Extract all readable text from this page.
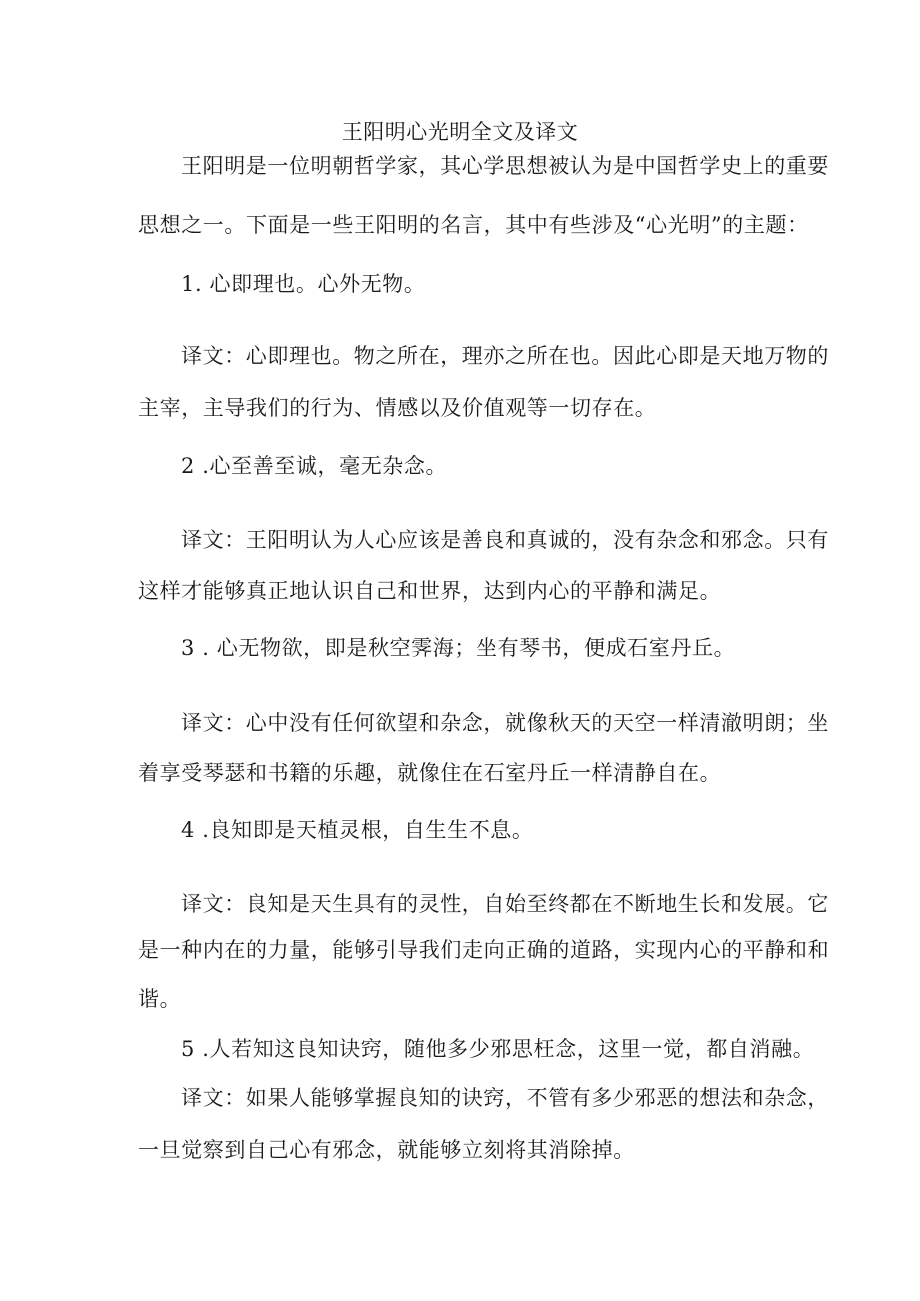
王阳明心光明全文及译文
王阳明是一位明朝哲学家，其心学思想被认为是中国哲学史上的重要
思想之一。下面是一些王阳明的名言，其中有些涉及“心光明”的主题：
1. 心即理也。心外无物。
译文：心即理也。物之所在，理亦之所在也。因此心即是天地万物的
主宰，主导我们的行为、情感以及价值观等一切存在。
2 .心至善至诚，毫无杂念。
译文：王阳明认为人心应该是善良和真诚的，没有杂念和邪念。只有
这样才能够真正地认识自己和世界，达到内心的平静和满足。
3 . 心无物欲，即是秋空霁海；坐有琴书，便成石室丹丘。
译文：心中没有任何欲望和杂念，就像秋天的天空一样清澈明朗；坐
着享受琴瑟和书籍的乐趣，就像住在石室丹丘一样清静自在。
4 .良知即是天植灵根，自生生不息。
译文：良知是天生具有的灵性，自始至终都在不断地生长和发展。它
是一种内在的力量，能够引导我们走向正确的道路，实现内心的平静和和
谐。
5 .人若知这良知诀窍，随他多少邪思枉念，这里一觉，都自消融。
译文：如果人能够掌握良知的诀窍，不管有多少邪恶的想法和杂念，
一旦觉察到自己心有邪念，就能够立刻将其消除掉。
